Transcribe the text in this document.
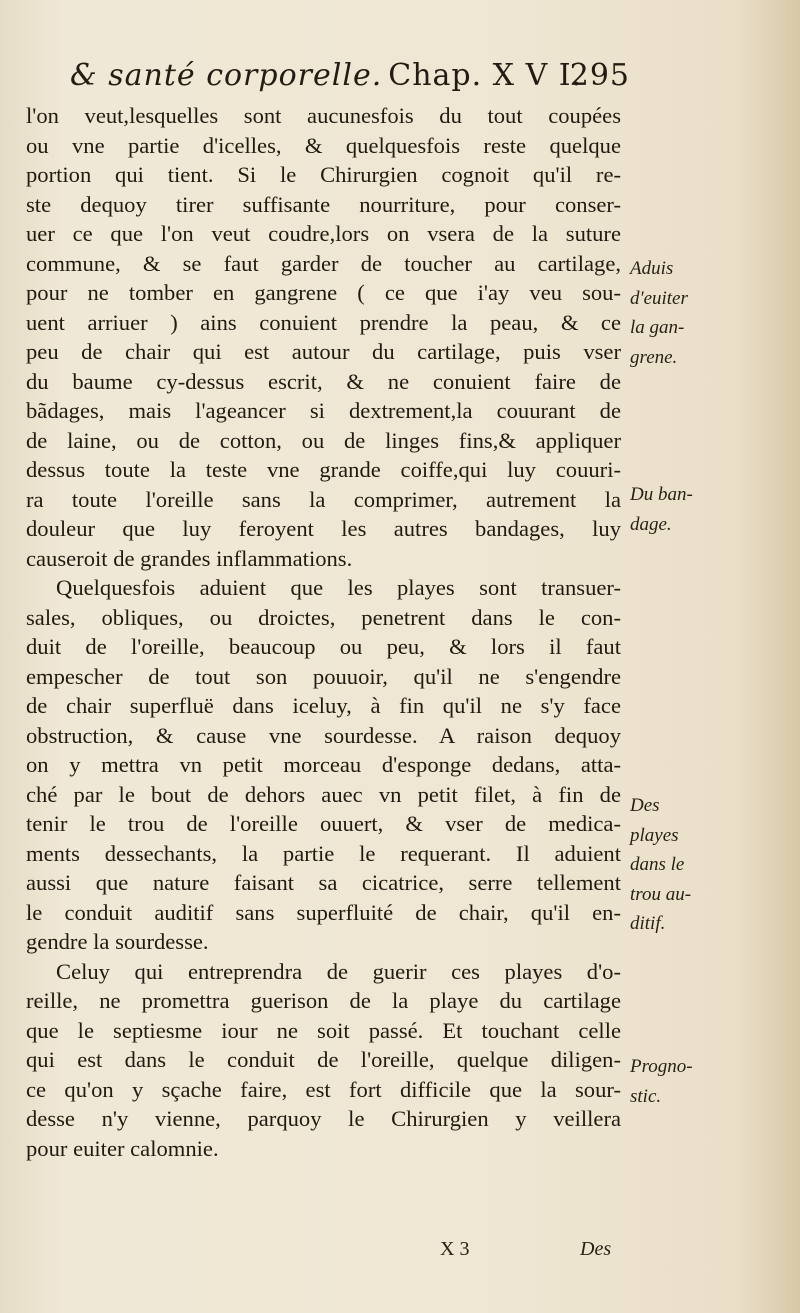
& santé corporelle. Chap. X V I.
295
l'on veut,lesquelles sont aucunesfois du tout coupées
ou vne partie d'icelles, & quelquesfois reste quelque
portion qui tient. Si le Chirurgien cognoit qu'il re-
ste dequoy tirer suffisante nourriture, pour conser-
uer ce que l'on veut coudre,lors on vsera de la suture
commune, & se faut garder de toucher au cartilage,
pour ne tomber en gangrene ( ce que i'ay veu sou-
uent arriuer ) ains conuient prendre la peau, & ce
peu de chair qui est autour du cartilage, puis vser
du baume cy-dessus escrit, & ne conuient faire de
bãdages, mais l'ageancer si dextrement,la couurant de
de laine, ou de cotton, ou de linges fins,& appliquer
dessus toute la teste vne grande coiffe,qui luy couuri-
ra toute l'oreille sans la comprimer, autrement la
douleur que luy feroyent les autres bandages, luy
causeroit de grandes inflammations.
Quelquesfois aduient que les playes sont transuer-
sales, obliques, ou droictes, penetrent dans le con-
duit de l'oreille, beaucoup ou peu, & lors il faut
empescher de tout son pouuoir, qu'il ne s'engendre
de chair superfluë dans iceluy, à fin qu'il ne s'y face
obstruction, & cause vne sourdesse. A raison dequoy
on y mettra vn petit morceau d'esponge dedans, atta-
ché par le bout de dehors auec vn petit filet, à fin de
tenir le trou de l'oreille ouuert, & vser de medica-
ments dessechants, la partie le requerant. Il aduient
aussi que nature faisant sa cicatrice, serre tellement
le conduit auditif sans superfluité de chair, qu'il en-
gendre la sourdesse.
Celuy qui entreprendra de guerir ces playes d'o-
reille, ne promettra guerison de la playe du cartilage
que le septiesme iour ne soit passé. Et touchant celle
qui est dans le conduit de l'oreille, quelque diligen-
ce qu'on y sçache faire, est fort difficile que la sour-
desse n'y vienne, parquoy le Chirurgien y veillera
pour euiter calomnie.
Aduis
d'euiter
la gan-
grene.
Du ban-
dage.
Des
playes
dans le
trou au-
ditif.
Progno-
stic.
X 3	Des
